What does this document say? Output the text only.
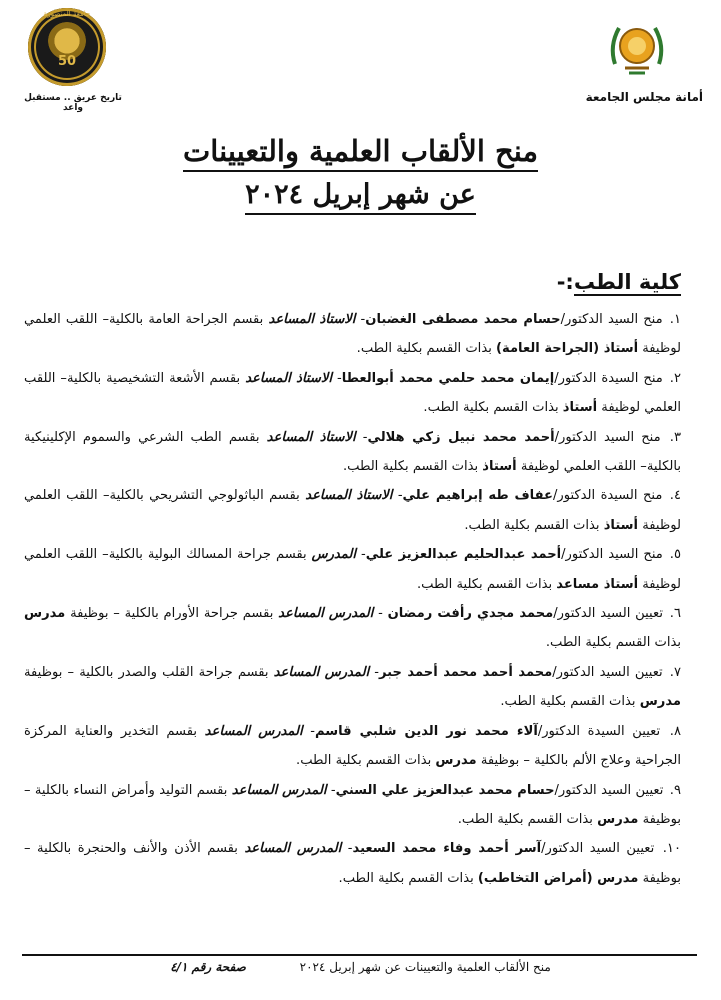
جامعة المنصورة
50
تاريخ عريق .. مستقبل واعد
أمانة مجلس الجامعة
منح الألقاب العلمية والتعيينات
عن شهر إبريل ٢٠٢٤
كلية الطب:-
١. منح السيد الدكتور/حسام محمد مصطفى الغضبان- الاستاذ المساعد بقسم الجراحة العامة بالكلية– اللقب العلمي لوظيفة أستاذ (الجراحة العامة) بذات القسم بكلية الطب.
٢. منح السيدة الدكتور/إيمان محمد حلمي محمد أبوالعطا- الاستاذ المساعد بقسم الأشعة التشخيصية بالكلية– اللقب العلمي لوظيفة أستاذ بذات القسم بكلية الطب.
٣. منح السيد الدكتور/أحمد محمد نبيل زكي هلالي- الاستاذ المساعد بقسم الطب الشرعي والسموم الإكلينيكية بالكلية– اللقب العلمي لوظيفة أستاذ بذات القسم بكلية الطب.
٤. منح السيدة الدكتور/عفاف طه إبراهيم علي- الاستاذ المساعد بقسم الباثولوجي التشريحي بالكلية– اللقب العلمي لوظيفة أستاذ بذات القسم بكلية الطب.
٥. منح السيد الدكتور/أحمد عبدالحليم عبدالعزيز علي- المدرس بقسم جراحة المسالك البولية بالكلية– اللقب العلمي لوظيفة أستاذ مساعد بذات القسم بكلية الطب.
٦. تعيين السيد الدكتور/محمد مجدي رأفت رمضان - المدرس المساعد بقسم جراحة الأورام بالكلية – بوظيفة مدرس بذات القسم بكلية الطب.
٧. تعيين السيد الدكتور/محمد أحمد محمد أحمد جبر- المدرس المساعد بقسم جراحة القلب والصدر بالكلية – بوظيفة مدرس بذات القسم بكلية الطب.
٨. تعيين السيدة الدكتور/آلاء محمد نور الدين شلبي قاسم- المدرس المساعد بقسم التخدير والعناية المركزة الجراحية وعلاج الألم بالكلية – بوظيفة مدرس بذات القسم بكلية الطب.
٩. تعيين السيد الدكتور/حسام محمد عبدالعزيز علي السني- المدرس المساعد بقسم التوليد وأمراض النساء بالكلية – بوظيفة مدرس بذات القسم بكلية الطب.
١٠. تعيين السيد الدكتور/آسر أحمد وفاء محمد السعيد- المدرس المساعد بقسم الأذن والأنف والحنجرة بالكلية – بوظيفة مدرس (أمراض التخاطب) بذات القسم بكلية الطب.
منح الألقاب العلمية والتعيينات عن شهر إبريل ٢٠٢٤ صفحة رقم ٤/١
